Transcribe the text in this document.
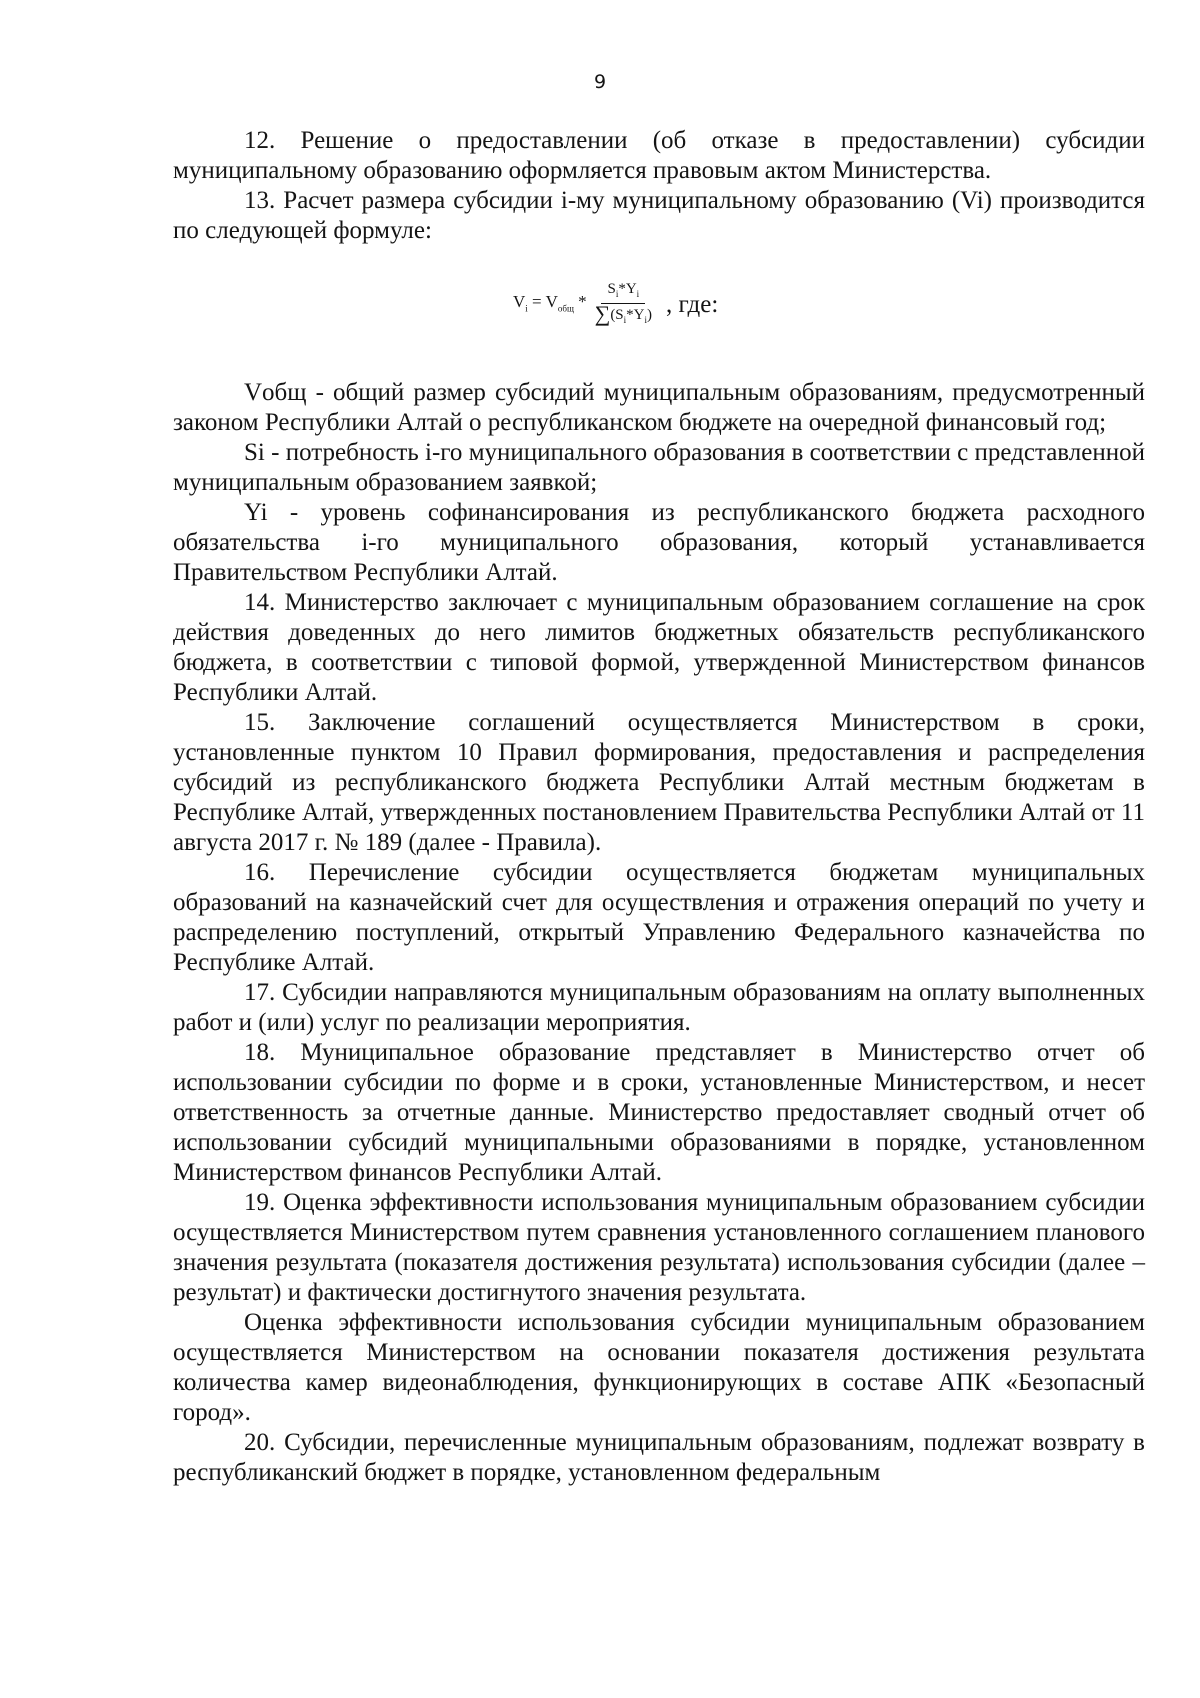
9

12. Решение о предоставлении (об отказе в предоставлении) субсидии муниципальному образованию оформляется правовым актом Министерства.

13. Расчет размера субсидии i-му муниципальному образованию (Vi) производится по следующей формуле:

$V_i = V_{общ} * \frac{S_i*Y_i}{\sum(S_i*Y_i)}$ , где:

Vобщ - общий размер субсидий муниципальным образованиям, предусмотренный законом Республики Алтай о республиканском бюджете на очередной финансовый год;

Si - потребность i-го муниципального образования в соответствии с представленной муниципальным образованием заявкой;

Yi - уровень софинансирования из республиканского бюджета расходного обязательства i-го муниципального образования, который устанавливается Правительством Республики Алтай.

14. Министерство заключает с муниципальным образованием соглашение на срок действия доведенных до него лимитов бюджетных обязательств республиканского бюджета, в соответствии с типовой формой, утвержденной Министерством финансов Республики Алтай.

15. Заключение соглашений осуществляется Министерством в сроки, установленные пунктом 10 Правил формирования, предоставления и распределения субсидий из республиканского бюджета Республики Алтай местным бюджетам в Республике Алтай, утвержденных постановлением Правительства Республики Алтай от 11 августа 2017 г. № 189 (далее - Правила).

16. Перечисление субсидии осуществляется бюджетам муниципальных образований на казначейский счет для осуществления и отражения операций по учету и распределению поступлений, открытый Управлению Федерального казначейства по Республике Алтай.

17. Субсидии направляются муниципальным образованиям на оплату выполненных работ и (или) услуг по реализации мероприятия.

18. Муниципальное образование представляет в Министерство отчет об использовании субсидии по форме и в сроки, установленные Министерством, и несет ответственность за отчетные данные. Министерство предоставляет сводный отчет об использовании субсидий муниципальными образованиями в порядке, установленном Министерством финансов Республики Алтай.

19. Оценка эффективности использования муниципальным образованием субсидии осуществляется Министерством путем сравнения установленного соглашением планового значения результата (показателя достижения результата) использования субсидии (далее – результат) и фактически достигнутого значения результата.

Оценка эффективности использования субсидии муниципальным образованием осуществляется Министерством на основании показателя достижения результата количества камер видеонаблюдения, функционирующих в составе АПК «Безопасный город».

20. Субсидии, перечисленные муниципальным образованиям, подлежат возврату в республиканский бюджет в порядке, установленном федеральным
